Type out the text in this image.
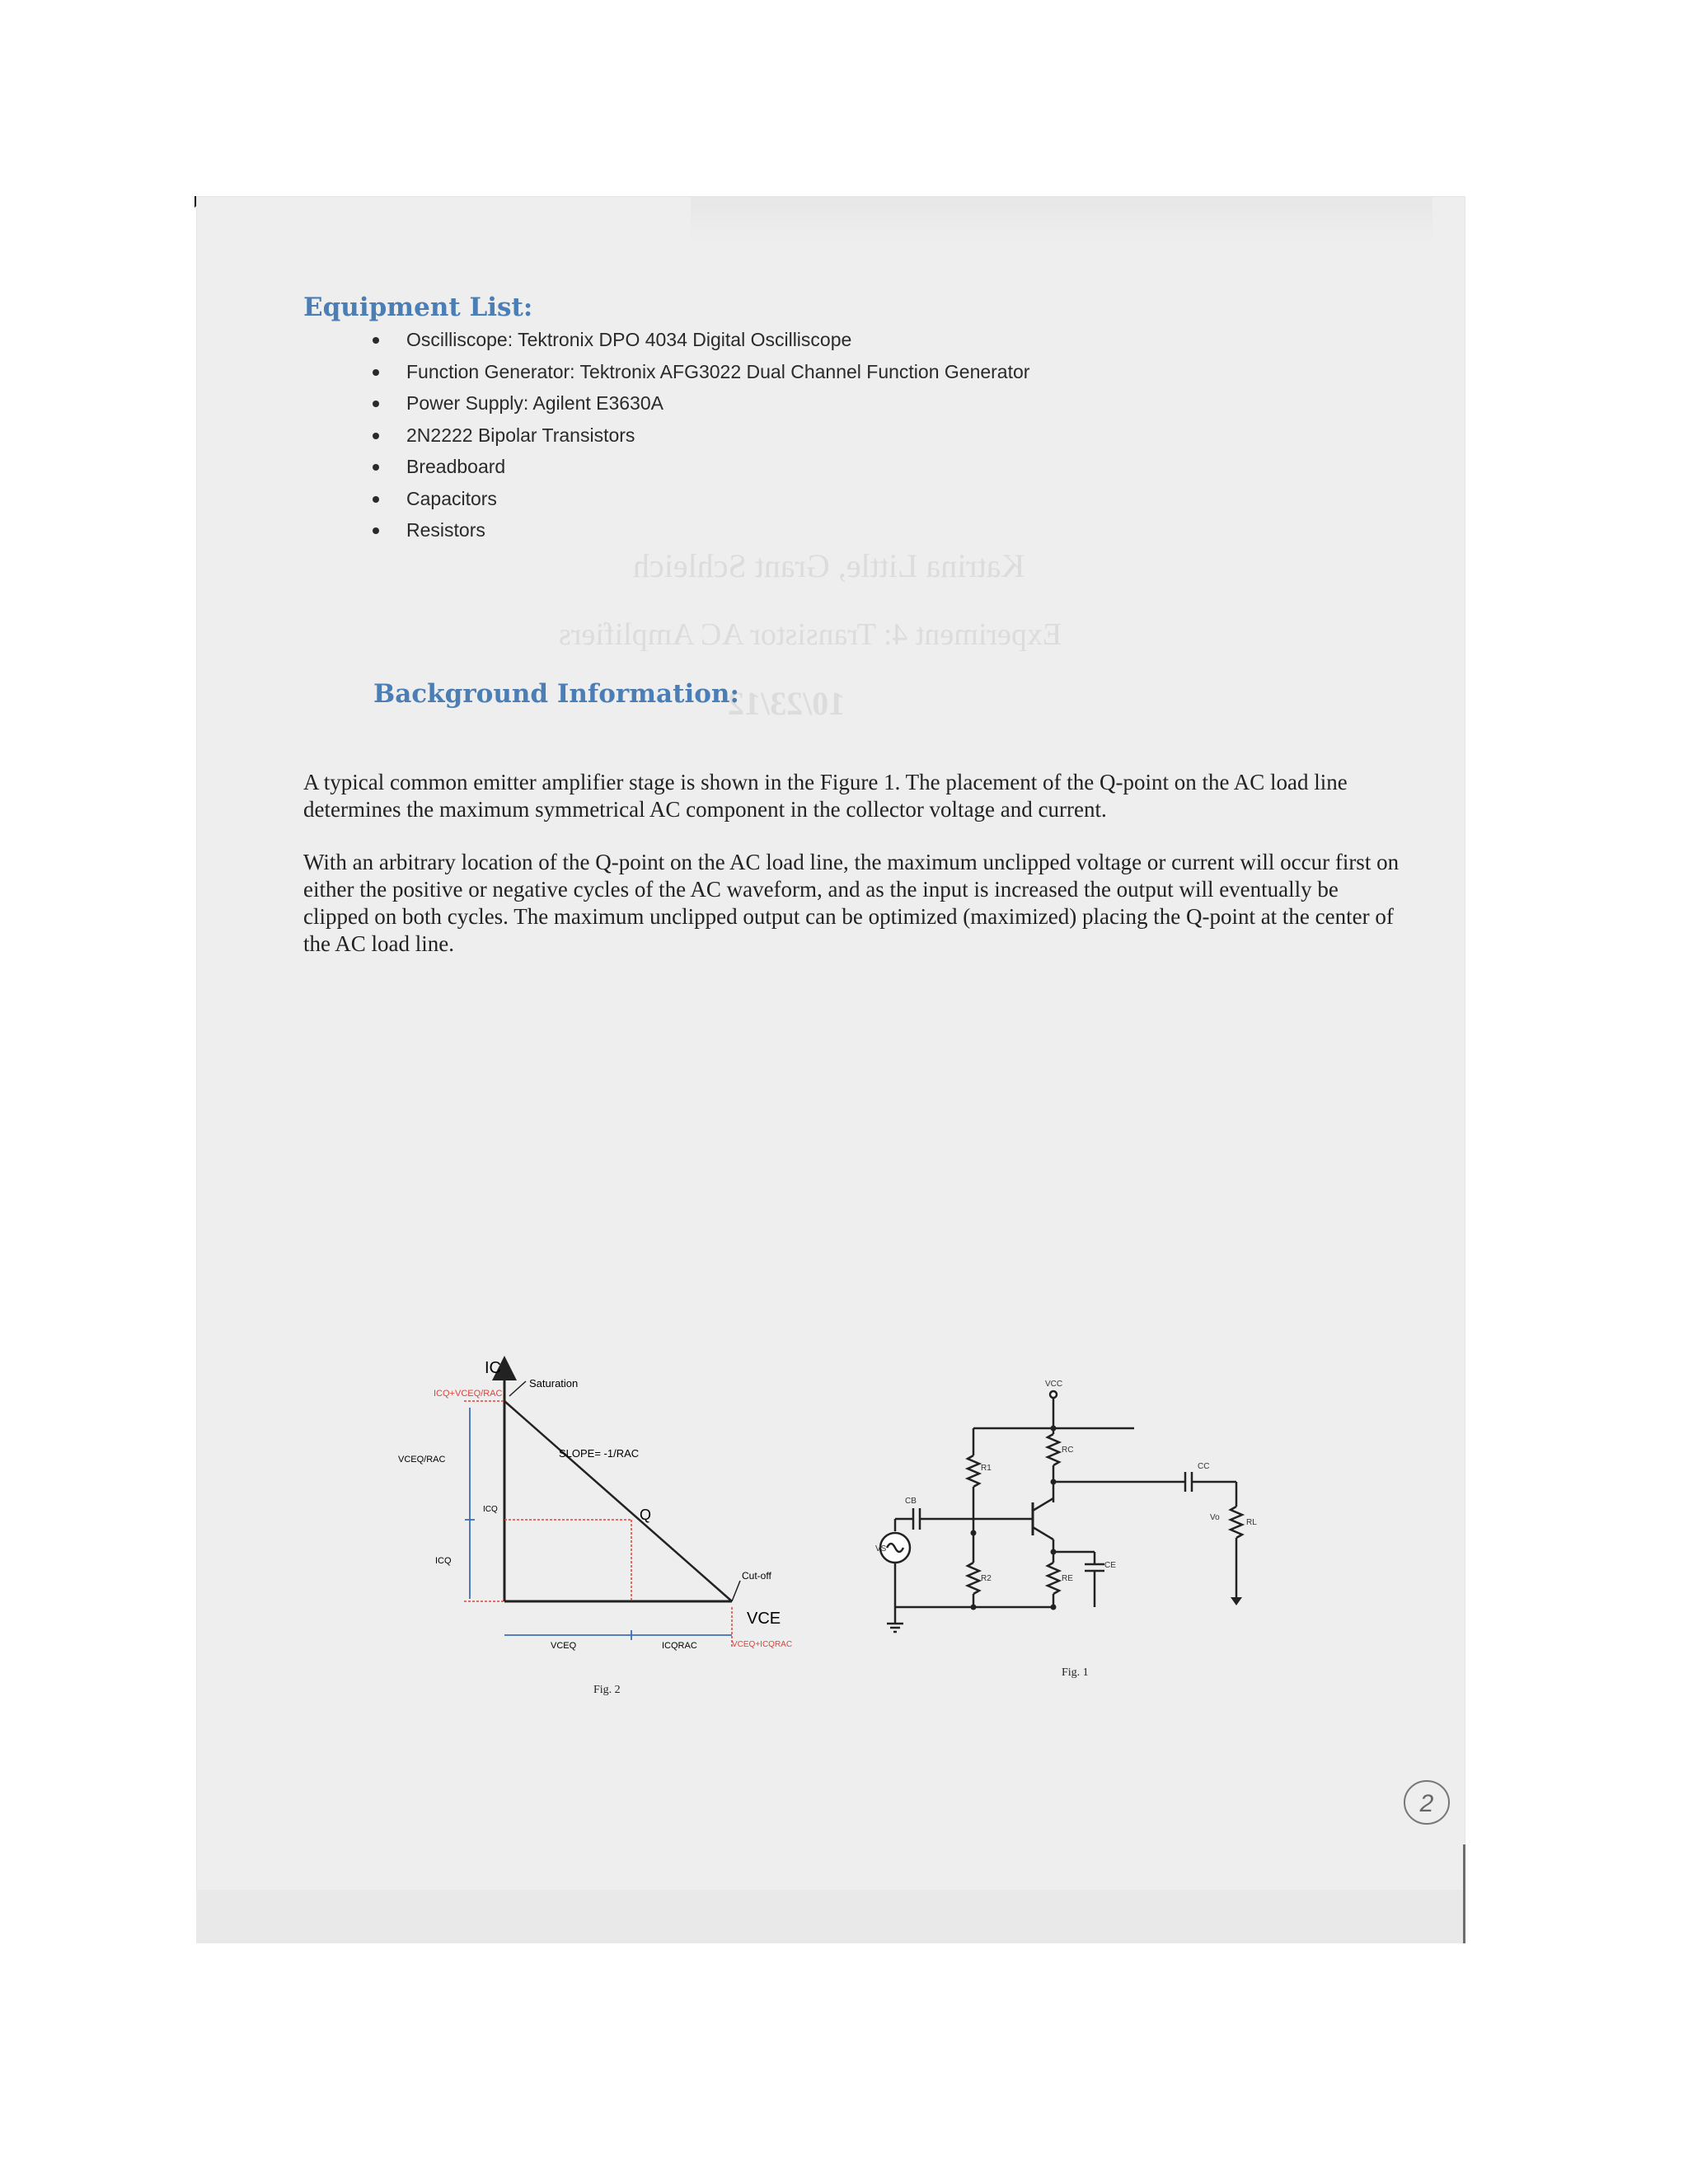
Katrina Little, Grant Schleich
Experiment 4: Transistor AC Amplifiers
10/23/12
Equipment List:
Oscilliscope: Tektronix DPO 4034 Digital Oscilliscope
Function Generator: Tektronix AFG3022 Dual Channel Function Generator
Power Supply: Agilent E3630A
2N2222 Bipolar Transistors
Breadboard
Capacitors
Resistors
Background Information:

A typical common emitter amplifier stage is shown in the Figure 1. The placement of the Q-point on the AC load line determines the maximum symmetrical AC component in the collector voltage and current.

With an arbitrary location of the Q-point on the AC load line, the maximum unclipped voltage or current will occur first on either the positive or negative cycles of the AC waveform, and as the input is increased the output will eventually be clipped on both cycles. The maximum unclipped output can be optimized (maximized) placing the Q-point at the center of the AC load line.

IC
VCE
Saturation
SLOPE= -1/RAC
Q
ICQ
ICQ+VCEQ/RAC
VCEQ/RAC
ICQ
Cut-off
VCEQ	ICQRAC	VCEQ+ICQRAC
Fig. 2
VCC
R1
R2
RC
RE
CB
CC
CE
VS
Vo
RL
Fig. 1
2
